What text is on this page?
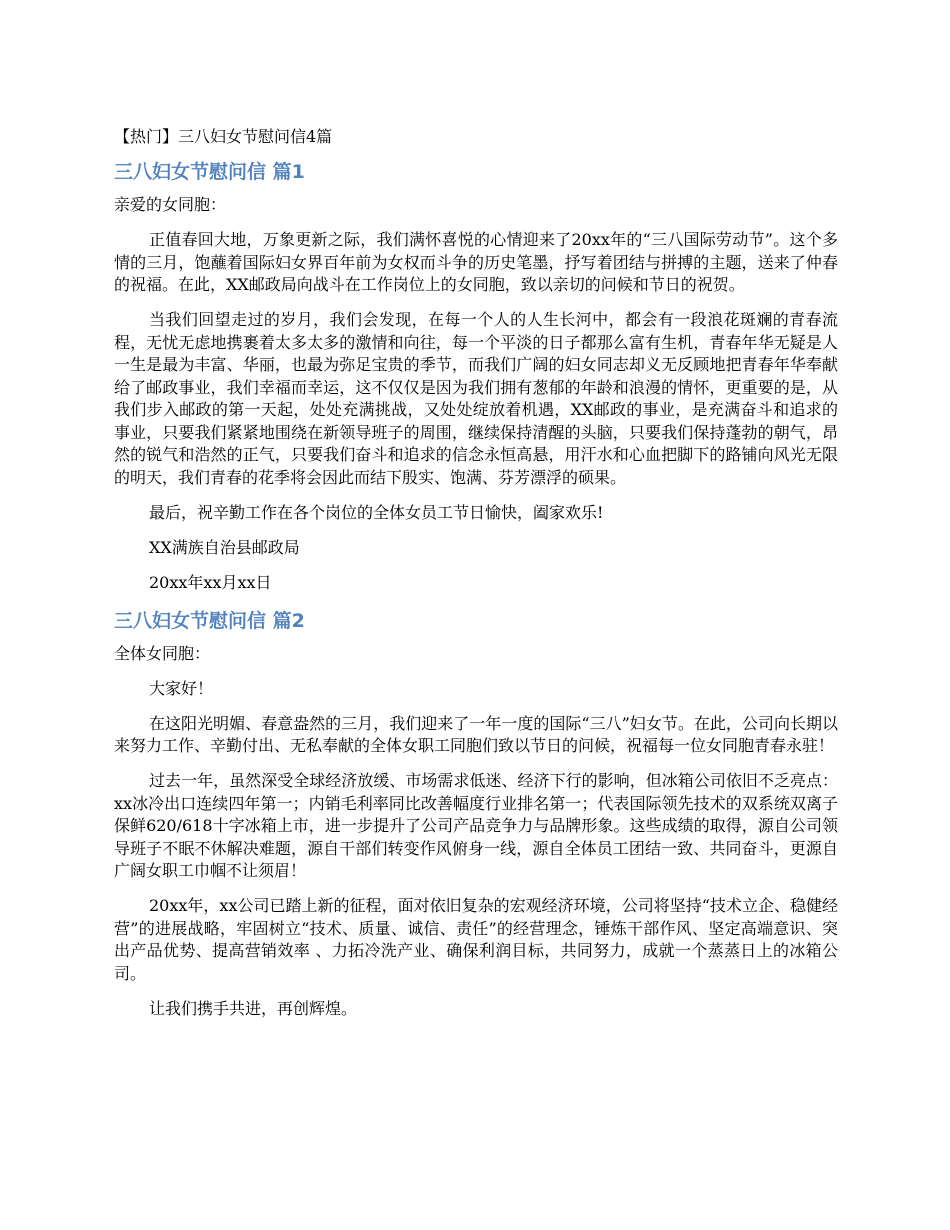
【热门】三八妇女节慰问信4篇
三八妇女节慰问信 篇1

亲爱的女同胞：

正值春回大地，万象更新之际，我们满怀喜悦的心情迎来了20xx年的“三八国际劳动节”。这个多情的三月，饱蘸着国际妇女界百年前为女权而斗争的历史笔墨，抒写着团结与拼搏的主题，送来了仲春的祝福。在此，XX邮政局向战斗在工作岗位上的女同胞，致以亲切的问候和节日的祝贺。

当我们回望走过的岁月，我们会发现，在每一个人的人生长河中，都会有一段浪花斑斓的青春流程，无忧无虑地携裹着太多太多的激情和向往，每一个平淡的日子都那么富有生机，青春年华无疑是人一生是最为丰富、华丽，也最为弥足宝贵的季节，而我们广阔的妇女同志却义无反顾地把青春年华奉献给了邮政事业，我们幸福而幸运，这不仅仅是因为我们拥有葱郁的年龄和浪漫的情怀，更重要的是，从我们步入邮政的第一天起，处处充满挑战，又处处绽放着机遇，XX邮政的事业，是充满奋斗和追求的事业，只要我们紧紧地围绕在新领导班子的周围，继续保持清醒的头脑，只要我们保持蓬勃的朝气，昂然的锐气和浩然的正气，只要我们奋斗和追求的信念永恒高悬，用汗水和心血把脚下的路铺向风光无限的明天，我们青春的花季将会因此而结下殷实、饱满、芬芳漂浮的硕果。

最后，祝辛勤工作在各个岗位的全体女员工节日愉快，阖家欢乐!

XX满族自治县邮政局

20xx年xx月xx日

三八妇女节慰问信 篇2

全体女同胞：

大家好！

在这阳光明媚、春意盎然的三月，我们迎来了一年一度的国际“三八”妇女节。在此，公司向长期以来努力工作、辛勤付出、无私奉献的全体女职工同胞们致以节日的问候，祝福每一位女同胞青春永驻！

过去一年，虽然深受全球经济放缓、市场需求低迷、经济下行的影响，但冰箱公司依旧不乏亮点：xx冰冷出口连续四年第一；内销毛利率同比改善幅度行业排名第一；代表国际领先技术的双系统双离子保鲜620/618十字冰箱上市，进一步提升了公司产品竞争力与品牌形象。这些成绩的取得，源自公司领导班子不眠不休解决难题，源自干部们转变作风俯身一线，源自全体员工团结一致、共同奋斗，更源自广阔女职工巾帼不让须眉！

20xx年，xx公司已踏上新的征程，面对依旧复杂的宏观经济环境，公司将坚持“技术立企、稳健经营”的进展战略，牢固树立“技术、质量、诚信、责任”的经营理念，锤炼干部作风、坚定高端意识、突出产品优势、提高营销效率 、力拓冷洗产业、确保利润目标，共同努力，成就一个蒸蒸日上的冰箱公司。

让我们携手共进，再创辉煌。
